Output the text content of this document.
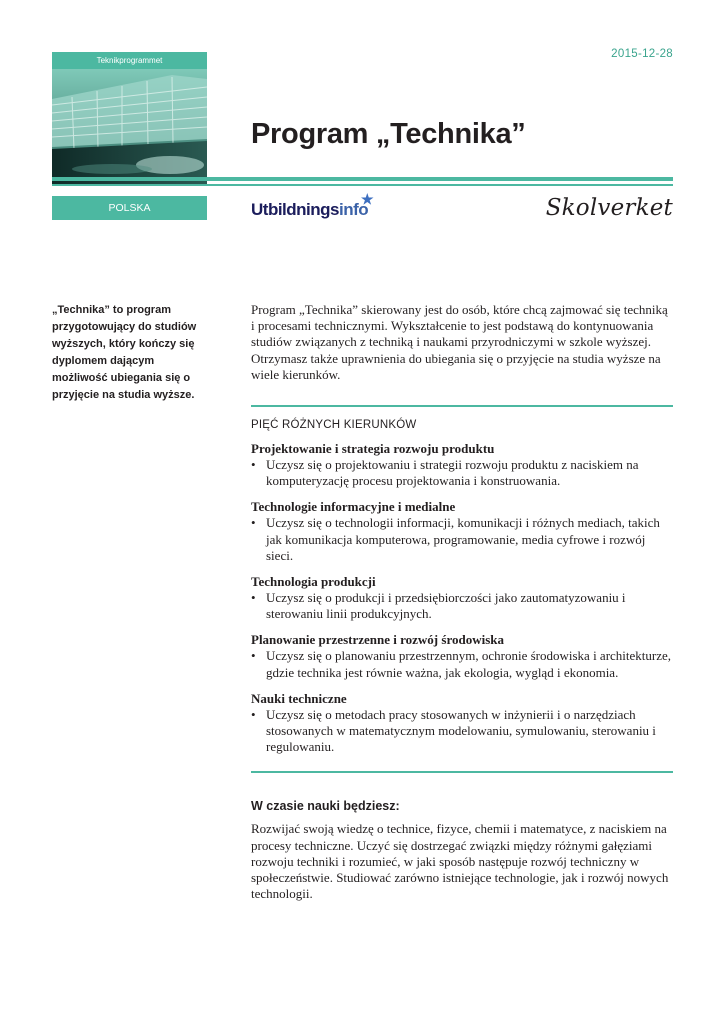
Teknikprogrammet
2015-12-28
Program „Technika”
POLSKA
★
Utbildningsinfo	Skolverket
„Technika” to program przygotowujący do studiów wyższych, który kończy się dyplomem dającym możliwość ubiegania się o przyjęcie na studia wyższe.

Program „Technika” skierowany jest do osób, które chcą zajmować się techniką i procesami technicznymi. Wykształcenie to jest podstawą do kontynuowania studiów związanych z techniką i naukami przyrodniczymi w szkole wyższej. Otrzymasz także uprawnienia do ubiegania się o przyjęcie na studia wyższe na wiele kierunków.

PIĘĆ RÓŻNYCH KIERUNKÓW

Projektowanie i strategia rozwoju produktu

• Uczysz się o projektowaniu i strategii rozwoju produktu z naciskiem na komputeryzację procesu projektowania i konstruowania.

Technologie informacyjne i medialne

• Uczysz się o technologii informacji, komunikacji i różnych mediach, takich jak komunikacja komputerowa, programowanie, media cyfrowe i rozwój sieci.

Technologia produkcji

• Uczysz się o produkcji i przedsiębiorczości jako zautomatyzowaniu i sterowaniu linii produkcyjnych.

Planowanie przestrzenne i rozwój środowiska

• Uczysz się o planowaniu przestrzennym, ochronie środowiska i architekturze, gdzie technika jest równie ważna, jak ekologia, wygląd i ekonomia.

Nauki techniczne

• Uczysz się o metodach pracy stosowanych w inżynierii i o narzędziach stosowanych w matematycznym modelowaniu, symulowaniu, sterowaniu i regulowaniu.

W czasie nauki będziesz:

Rozwijać swoją wiedzę o technice, fizyce, chemii i matematyce, z naciskiem na procesy techniczne. Uczyć się dostrzegać związki między różnymi gałęziami rozwoju techniki i rozumieć, w jaki sposób następuje rozwój techniczny w społeczeństwie. Studiować zarówno istniejące technologie, jak i rozwój nowych technologii.
